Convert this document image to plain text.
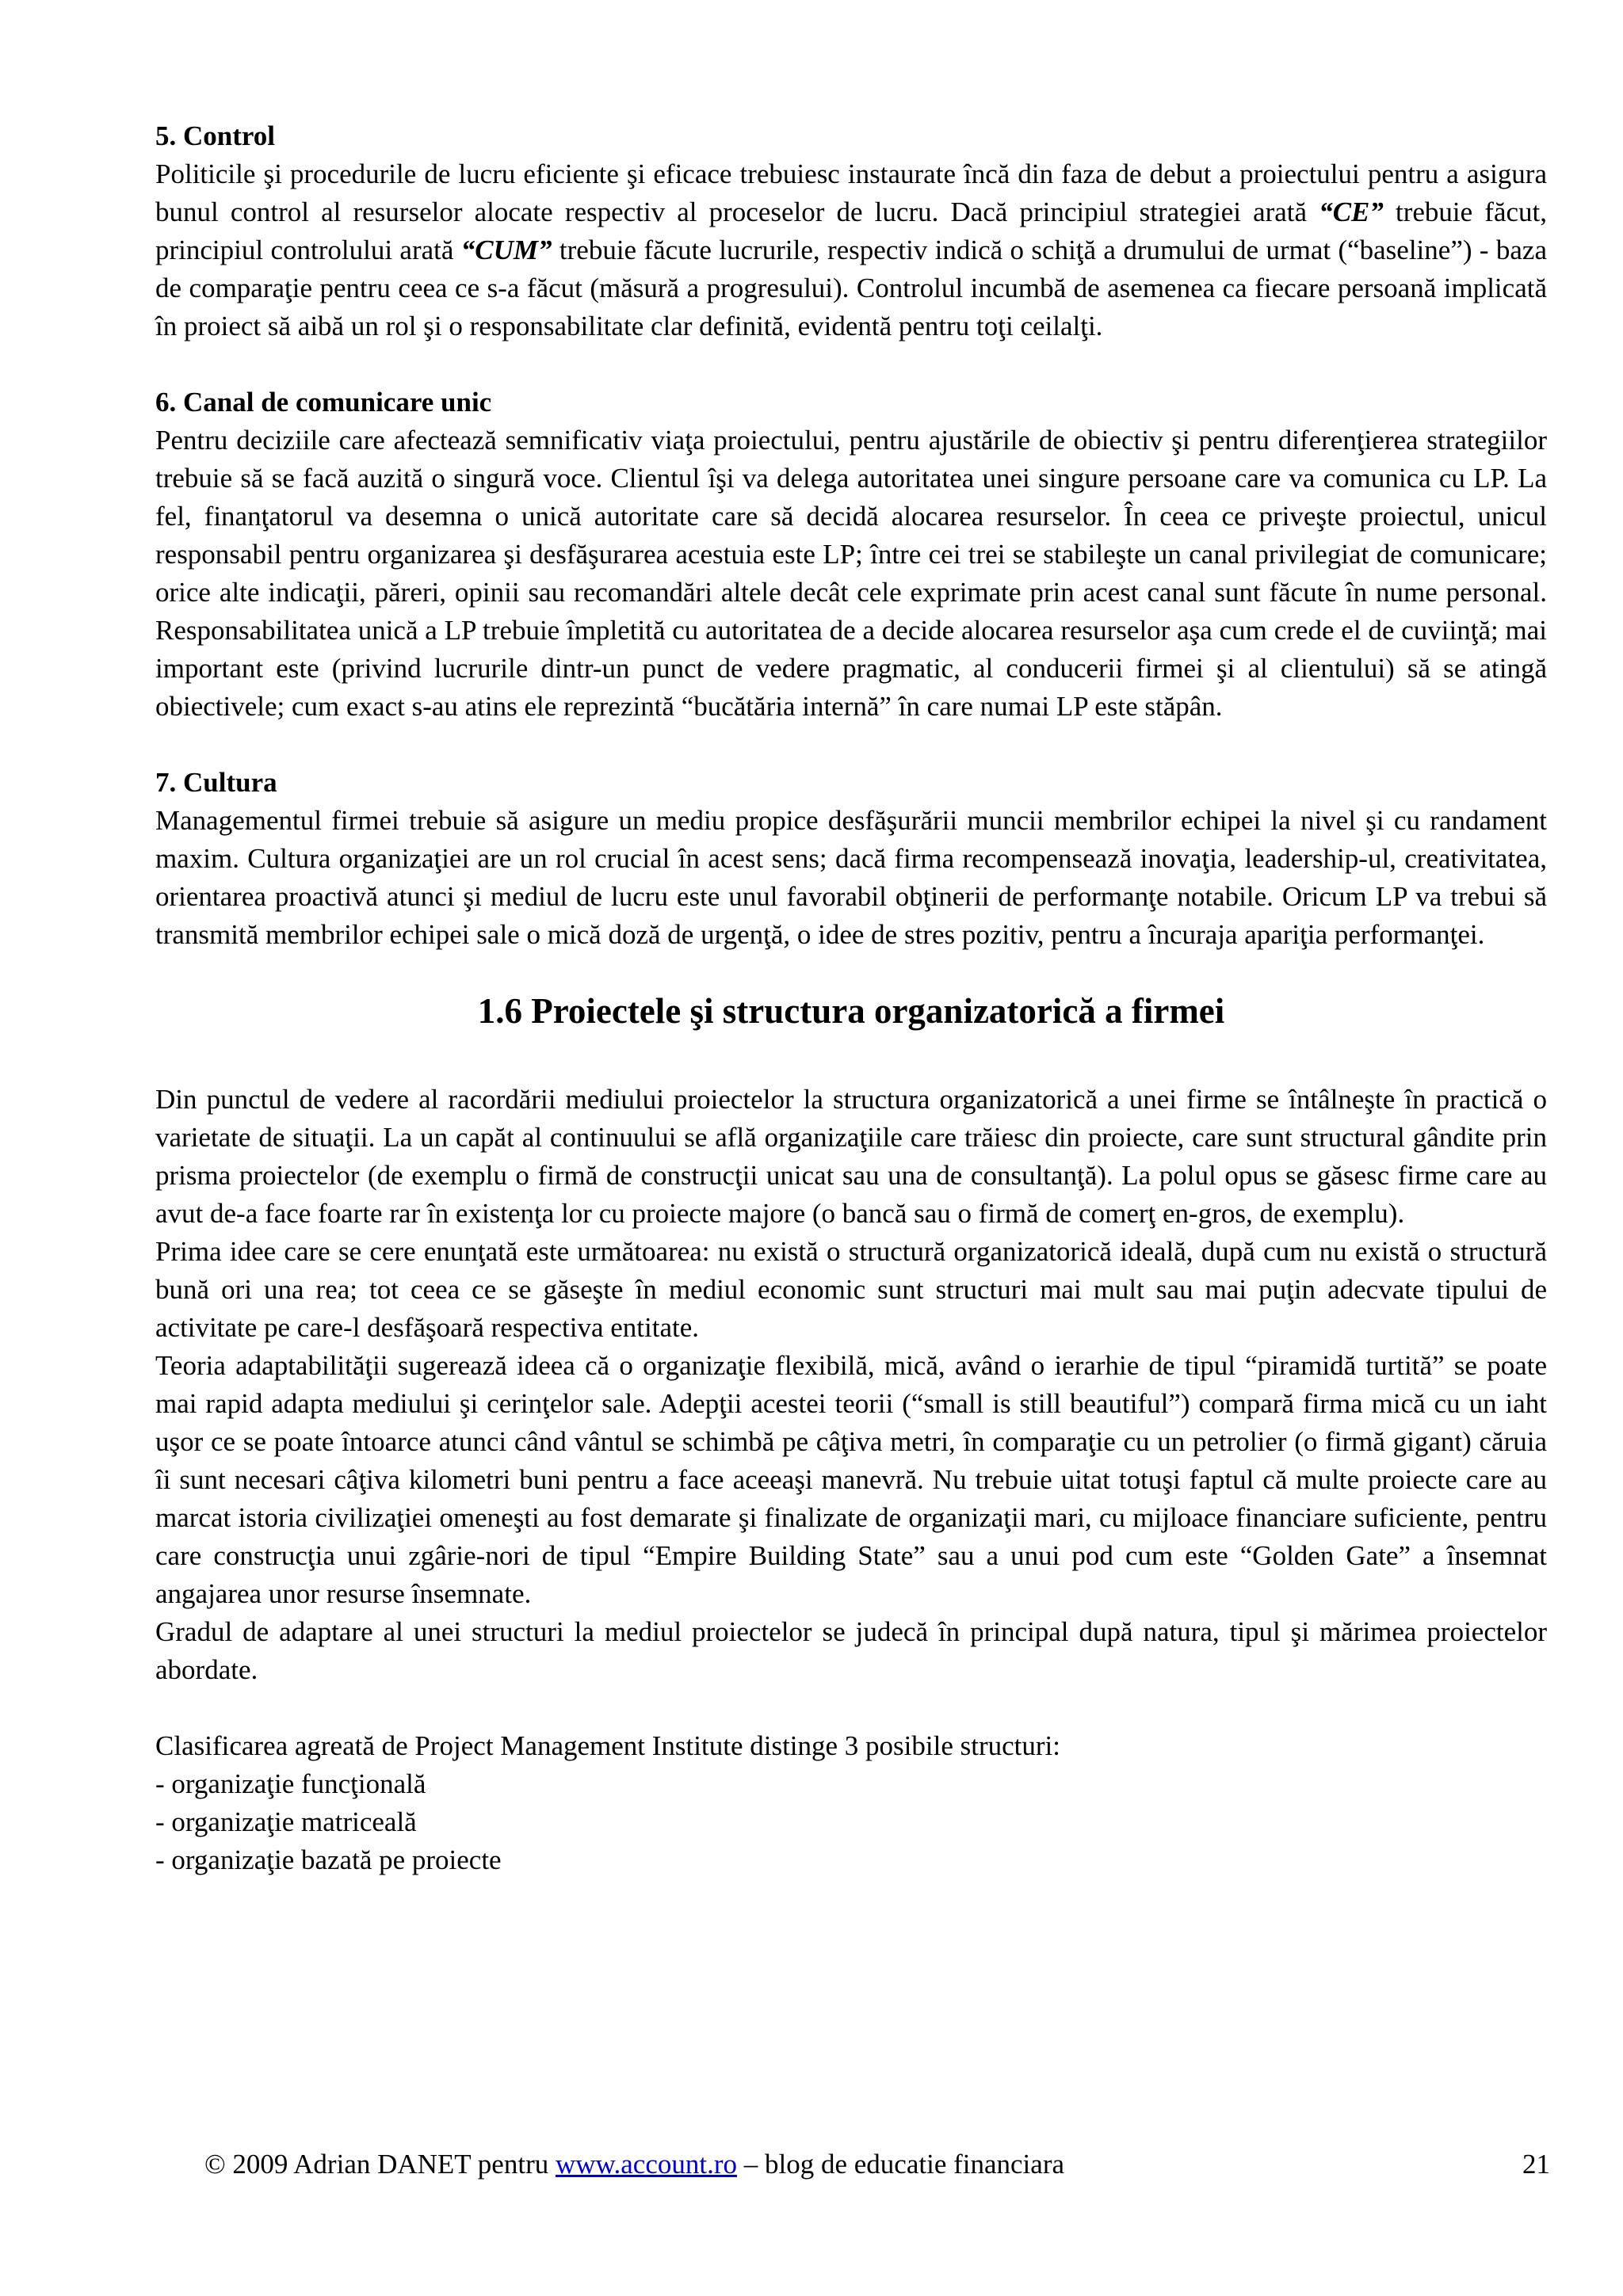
5. Control

Politicile şi procedurile de lucru eficiente şi eficace trebuiesc instaurate încă din faza de debut a proiectului pentru a asigura bunul control al resurselor alocate respectiv al proceselor de lucru. Dacă principiul strategiei arată “CE” trebuie făcut, principiul controlului arată “CUM” trebuie făcute lucrurile, respectiv indică o schiţă a drumului de urmat (“baseline”) - baza de comparaţie pentru ceea ce s-a făcut (măsură a progresului). Controlul incumbă de asemenea ca fiecare persoană implicată în proiect să aibă un rol şi o responsabilitate clar definită, evidentă pentru toţi ceilalţi.

6. Canal de comunicare unic

Pentru deciziile care afectează semnificativ viaţa proiectului, pentru ajustările de obiectiv şi pentru diferenţierea strategiilor trebuie să se facă auzită o singură voce. Clientul îşi va delega autoritatea unei singure persoane care va comunica cu LP. La fel, finanţatorul va desemna o unică autoritate care să decidă alocarea resurselor. În ceea ce priveşte proiectul, unicul responsabil pentru organizarea şi desfăşurarea acestuia este LP; între cei trei se stabileşte un canal privilegiat de comunicare; orice alte indicaţii, păreri, opinii sau recomandări altele decât cele exprimate prin acest canal sunt făcute în nume personal. Responsabilitatea unică a LP trebuie împletită cu autoritatea de a decide alocarea resurselor aşa cum crede el de cuviinţă; mai important este (privind lucrurile dintr-un punct de vedere pragmatic, al conducerii firmei şi al clientului) să se atingă obiectivele; cum exact s-au atins ele reprezintă “bucătăria internă” în care numai LP este stăpân.

7. Cultura

Managementul firmei trebuie să asigure un mediu propice desfăşurării muncii membrilor echipei la nivel şi cu randament maxim. Cultura organizaţiei are un rol crucial în acest sens; dacă firma recompensează inovaţia, leadership-ul, creativitatea, orientarea proactivă atunci şi mediul de lucru este unul favorabil obţinerii de performanţe notabile. Oricum LP va trebui să transmită membrilor echipei sale o mică doză de urgenţă, o idee de stres pozitiv, pentru a încuraja apariţia performanţei.

1.6 Proiectele şi structura organizatorică a firmei

Din punctul de vedere al racordării mediului proiectelor la structura organizatorică a unei firme se întâlneşte în practică o varietate de situaţii. La un capăt al continuului se află organizaţiile care trăiesc din proiecte, care sunt structural gândite prin prisma proiectelor (de exemplu o firmă de construcţii unicat sau una de consultanţă). La polul opus se găsesc firme care au avut de-a face foarte rar în existenţa lor cu proiecte majore (o bancă sau o firmă de comerţ en-gros, de exemplu).

Prima idee care se cere enunţată este următoarea: nu există o structură organizatorică ideală, după cum nu există o structură bună ori una rea; tot ceea ce se găseşte în mediul economic sunt structuri mai mult sau mai puţin adecvate tipului de activitate pe care-l desfăşoară respectiva entitate.

Teoria adaptabilităţii sugerează ideea că o organizaţie flexibilă, mică, având o ierarhie de tipul “piramidă turtită” se poate mai rapid adapta mediului şi cerinţelor sale. Adepţii acestei teorii (“small is still beautiful”) compară firma mică cu un iaht uşor ce se poate întoarce atunci când vântul se schimbă pe câţiva metri, în comparaţie cu un petrolier (o firmă gigant) căruia îi sunt necesari câţiva kilometri buni pentru a face aceeaşi manevră. Nu trebuie uitat totuşi faptul că multe proiecte care au marcat istoria civilizaţiei omeneşti au fost demarate şi finalizate de organizaţii mari, cu mijloace financiare suficiente, pentru care construcţia unui zgârie-nori de tipul “Empire Building State” sau a unui pod cum este “Golden Gate” a însemnat angajarea unor resurse însemnate.

Gradul de adaptare al unei structuri la mediul proiectelor se judecă în principal după natura, tipul şi mărimea proiectelor abordate.

Clasificarea agreată de Project Management Institute distinge 3 posibile structuri:

- organizaţie funcţională

- organizaţie matriceală

- organizaţie bazată pe proiecte

© 2009 Adrian DANET pentru www.account.ro – blog de educatie financiara	21
